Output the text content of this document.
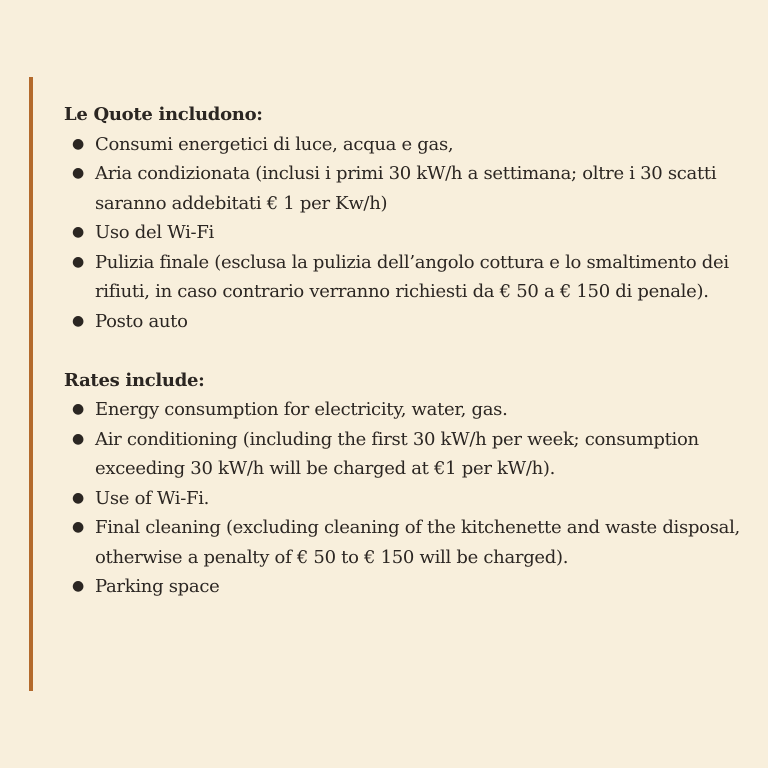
Le Quote includono:

● Consumi energetici di luce, acqua e gas,
● Aria condizionata (inclusi i primi 30 kW/h a settimana; oltre i 30 scatti saranno addebitati € 1 per Kw/h)
● Uso del Wi-Fi
● Pulizia finale (esclusa la pulizia dell’angolo cottura e lo smaltimento dei rifiuti, in caso contrario verranno richiesti da € 50 a € 150 di penale).
● Posto auto

Rates include:

● Energy consumption for electricity, water, gas.
● Air conditioning (including the first 30 kW/h per week; consumption exceeding 30 kW/h will be charged at €1 per kW/h).
● Use of Wi-Fi.
● Final cleaning (excluding cleaning of the kitchenette and waste disposal, otherwise a penalty of € 50 to € 150 will be charged).
● Parking space
